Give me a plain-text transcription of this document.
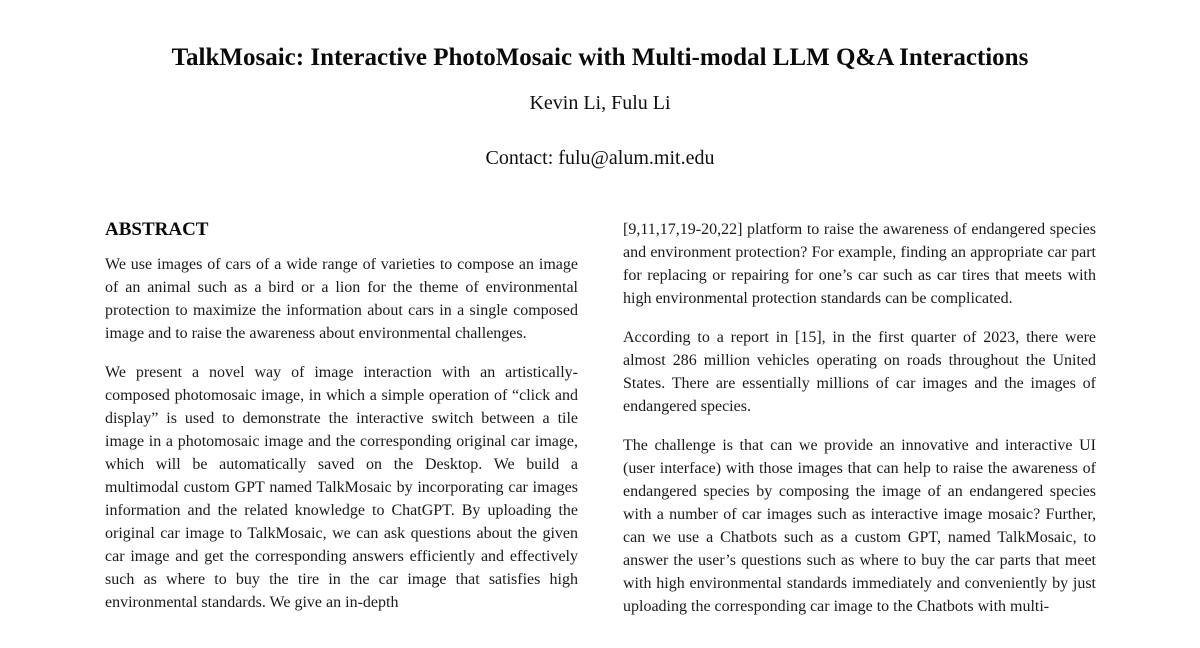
TalkMosaic: Interactive PhotoMosaic with Multi-modal LLM Q&A Interactions
Kevin Li, Fulu Li
Contact: fulu@alum.mit.edu
ABSTRACT

We use images of cars of a wide range of varieties to compose an image of an animal such as a bird or a lion for the theme of environmental protection to maximize the information about cars in a single composed image and to raise the awareness about environmental challenges.

We present a novel way of image interaction with an artistically-composed photomosaic image, in which a simple operation of “click and display” is used to demonstrate the interactive switch between a tile image in a photomosaic image and the corresponding original car image, which will be automatically saved on the Desktop. We build a multimodal custom GPT named TalkMosaic by incorporating car images information and the related knowledge to ChatGPT. By uploading the original car image to TalkMosaic, we can ask questions about the given car image and get the corresponding answers efficiently and effectively such as where to buy the tire in the car image that satisfies high environmental standards. We give an in-depth

[9,11,17,19-20,22] platform to raise the awareness of endangered species and environment protection? For example, finding an appropriate car part for replacing or repairing for one’s car such as car tires that meets with high environmental protection standards can be complicated.

According to a report in [15], in the first quarter of 2023, there were almost 286 million vehicles operating on roads throughout the United States. There are essentially millions of car images and the images of endangered species.

The challenge is that can we provide an innovative and interactive UI (user interface) with those images that can help to raise the awareness of endangered species by composing the image of an endangered species with a number of car images such as interactive image mosaic? Further, can we use a Chatbots such as a custom GPT, named TalkMosaic, to answer the user’s questions such as where to buy the car parts that meet with high environmental standards immediately and conveniently by just uploading the corresponding car image to the Chatbots with multi-
